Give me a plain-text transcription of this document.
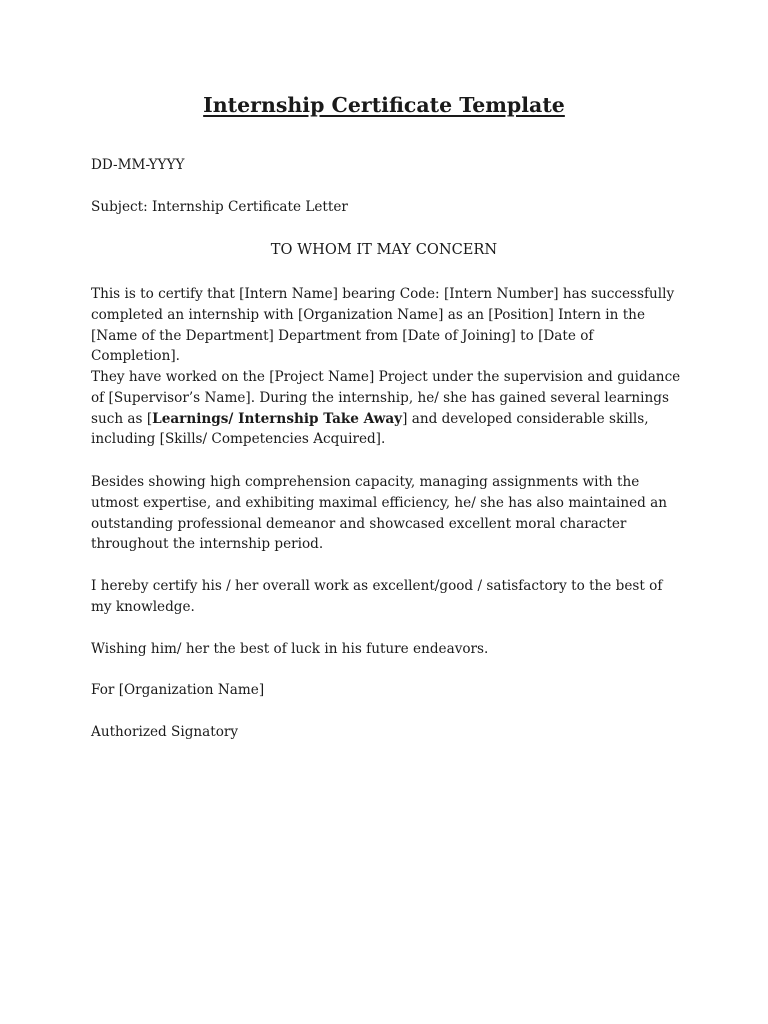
Internship Certificate Template

DD-MM-YYYY

Subject: Internship Certificate Letter

TO WHOM IT MAY CONCERN

This is to certify that [Intern Name] bearing Code: [Intern Number] has successfully completed an internship with [Organization Name] as an [Position] Intern in the [Name of the Department] Department from [Date of Joining] to [Date of Completion].

They have worked on the [Project Name] Project under the supervision and guidance of [Supervisor’s Name]. During the internship, he/ she has gained several learnings such as [Learnings/ Internship Take Away] and developed considerable skills, including [Skills/ Competencies Acquired].

Besides showing high comprehension capacity, managing assignments with the utmost expertise, and exhibiting maximal efficiency, he/ she has also maintained an outstanding professional demeanor and showcased excellent moral character throughout the internship period.

I hereby certify his / her overall work as excellent/good / satisfactory to the best of my knowledge.

Wishing him/ her the best of luck in his future endeavors.

For [Organization Name]

Authorized Signatory
